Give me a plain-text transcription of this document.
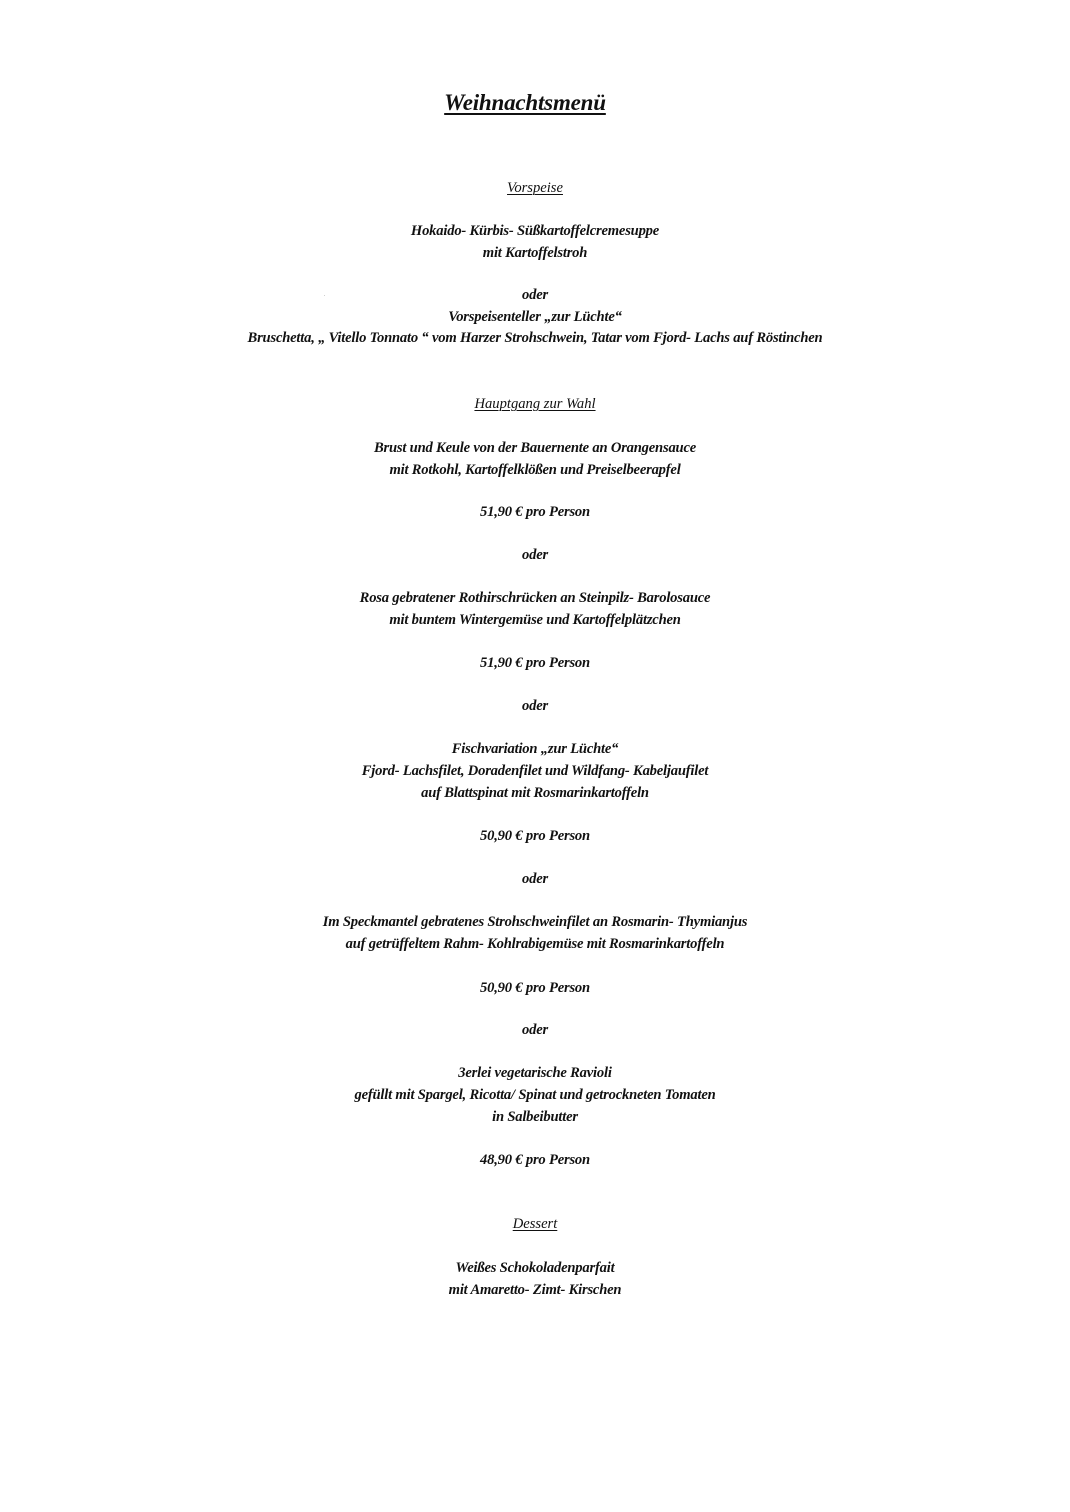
Weihnachtsmenü
Vorspeise
Hokaido- Kürbis- Süßkartoffelcremesuppe
mit Kartoffelstroh
oder
Vorspeisenteller „zur Lüchte“
Bruschetta, „ Vitello Tonnato “ vom Harzer Strohschwein, Tatar vom Fjord- Lachs auf Röstinchen
Hauptgang zur Wahl
Brust und Keule von der Bauernente an Orangensauce
mit Rotkohl, Kartoffelklößen und Preiselbeerapfel
51,90 € pro Person
oder
Rosa gebratener Rothirschrücken an Steinpilz- Barolosauce
mit buntem Wintergemüse und Kartoffelplätzchen
51,90 € pro Person
oder
Fischvariation „zur Lüchte“
Fjord- Lachsfilet, Doradenfilet und Wildfang- Kabeljaufilet
auf Blattspinat mit Rosmarinkartoffeln
50,90 € pro Person
oder
Im Speckmantel gebratenes Strohschweinfilet an Rosmarin- Thymianjus
auf getrüffeltem Rahm- Kohlrabigemüse mit Rosmarinkartoffeln
50,90 € pro Person
oder
3erlei vegetarische Ravioli
gefüllt mit Spargel, Ricotta/ Spinat und getrockneten Tomaten
in Salbeibutter
48,90 € pro Person
Dessert
Weißes Schokoladenparfait
mit Amaretto- Zimt- Kirschen
